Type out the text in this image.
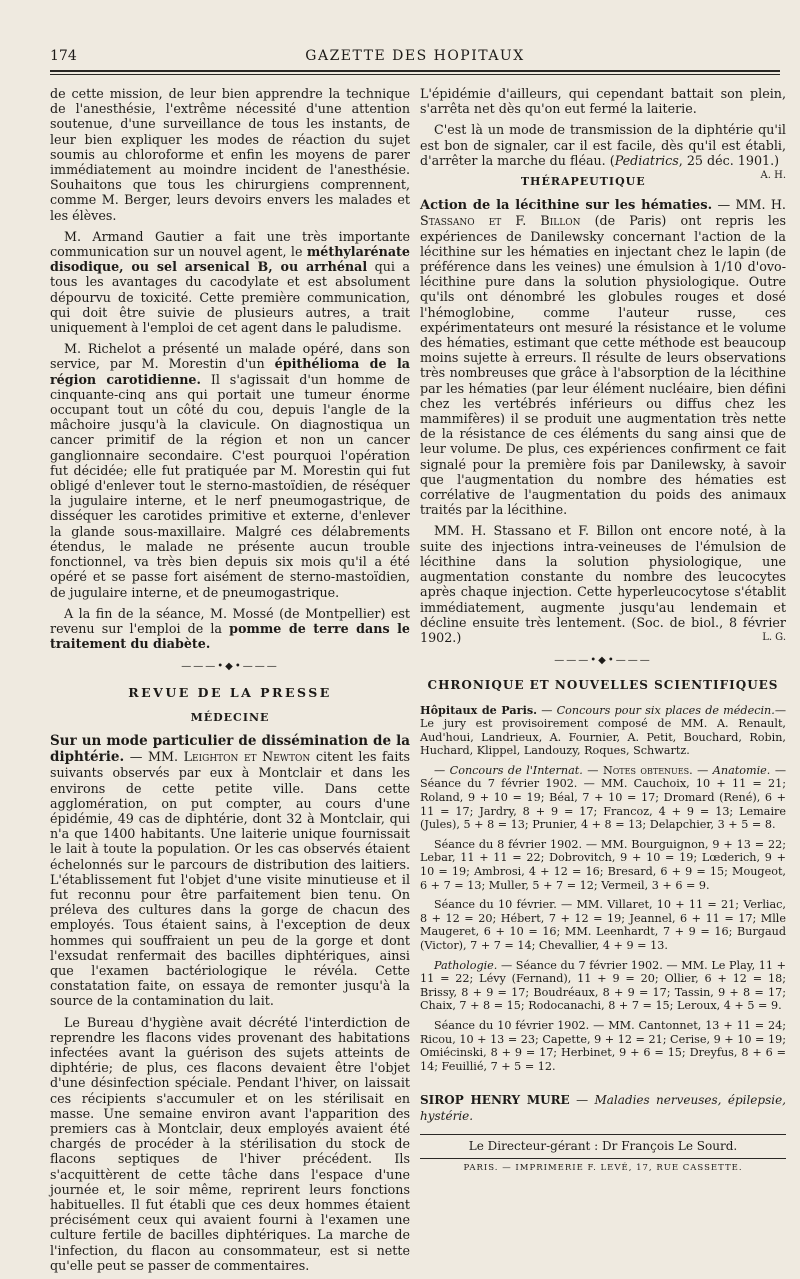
174	GAZETTE DES HOPITAUX

de cette mission, de leur bien apprendre la technique de l'anesthésie, l'extrême nécessité d'une attention soutenue, d'une surveillance de tous les instants, de leur bien expliquer les modes de réaction du sujet soumis au chloroforme et enfin les moyens de parer immédiatement au moindre incident de l'anesthésie. Souhaitons que tous les chirurgiens comprennent, comme M. Berger, leurs devoirs envers les malades et les élèves.

M. Armand Gautier a fait une très importante communication sur un nouvel agent, le méthylarénate disodique, ou sel arsenical B, ou arrhénal qui a tous les avantages du cacodylate et est absolument dépourvu de toxicité. Cette première communication, qui doit être suivie de plusieurs autres, a trait uniquement à l'emploi de cet agent dans le paludisme.

M. Richelot a présenté un malade opéré, dans son service, par M. Morestin d'un épithélioma de la région carotidienne. Il s'agissait d'un homme de cinquante-cinq ans qui portait une tumeur énorme occupant tout un côté du cou, depuis l'angle de la mâchoire jusqu'à la clavicule. On diagnostiqua un cancer primitif de la région et non un cancer ganglionnaire secondaire. C'est pourquoi l'opération fut décidée; elle fut pratiquée par M. Morestin qui fut obligé d'enlever tout le sterno-mastoïdien, de réséquer la jugulaire interne, et le nerf pneumogastrique, de disséquer les carotides primitive et externe, d'enlever la glande sous-maxillaire. Malgré ces délabrements étendus, le malade ne présente aucun trouble fonctionnel, va très bien depuis six mois qu'il a été opéré et se passe fort aisément de sterno-mastoïdien, de jugulaire interne, et de pneumogastrique.

A la fin de la séance, M. Mossé (de Montpellier) est revenu sur l'emploi de la pomme de terre dans le traitement du diabète.

———•◆•———
REVUE DE LA PRESSE
MÉDECINE

Sur un mode particulier de dissémination de la diphtérie. — MM. Leighton et Newton citent les faits suivants observés par eux à Montclair et dans les environs de cette petite ville. Dans cette agglomération, on put compter, au cours d'une épidémie, 49 cas de diphtérie, dont 32 à Montclair, qui n'a que 1400 habitants. Une laiterie unique fournissait le lait à toute la population. Or les cas observés étaient échelonnés sur le parcours de distribution des laitiers. L'établissement fut l'objet d'une visite minutieuse et il fut reconnu pour être parfaitement bien tenu. On préleva des cultures dans la gorge de chacun des employés. Tous étaient sains, à l'exception de deux hommes qui souffraient un peu de la gorge et dont l'exsudat renfermait des bacilles diphtériques, ainsi que l'examen bactériologique le révéla. Cette constatation faite, on essaya de remonter jusqu'à la source de la contamination du lait.

Le Bureau d'hygiène avait décrété l'interdiction de reprendre les flacons vides provenant des habitations infectées avant la guérison des sujets atteints de diphtérie; de plus, ces flacons devaient être l'objet d'une désinfection spéciale. Pendant l'hiver, on laissait ces récipients s'accumuler et on les stérilisait en masse. Une semaine environ avant l'apparition des premiers cas à Montclair, deux employés avaient été chargés de procéder à la stérilisation du stock de flacons septiques de l'hiver précédent. Ils s'acquittèrent de cette tâche dans l'espace d'une journée et, le soir même, reprirent leurs fonctions habituelles. Il fut établi que ces deux hommes étaient précisément ceux qui avaient fourni à l'examen une culture fertile de bacilles diphtériques. La marche de l'infection, du flacon au consommateur, est si nette qu'elle peut se passer de commentaires.

L'épidémie d'ailleurs, qui cependant battait son plein, s'arrêta net dès qu'on eut fermé la laiterie.

C'est là un mode de transmission de la diphtérie qu'il est bon de signaler, car il est facile, dès qu'il est établi, d'arrêter la marche du fléau. (Pediatrics, 25 déc. 1901.)
A. H.

THÉRAPEUTIQUE

Action de la lécithine sur les hématies. — MM. H. Stassano et F. Billon (de Paris) ont repris les expériences de Danilewsky concernant l'action de la lécithine sur les hématies en injectant chez le lapin (de préférence dans les veines) une émulsion à 1/10 d'ovo-lécithine pure dans la solution physiologique. Outre qu'ils ont dénombré les globules rouges et dosé l'hémoglobine, comme l'auteur russe, ces expérimentateurs ont mesuré la résistance et le volume des hématies, estimant que cette méthode est beaucoup moins sujette à erreurs. Il résulte de leurs observations très nombreuses que grâce à l'absorption de la lécithine par les hématies (par leur élément nucléaire, bien défini chez les vertébrés inférieurs ou diffus chez les mammifères) il se produit une augmentation très nette de la résistance de ces éléments du sang ainsi que de leur volume. De plus, ces expériences confirment ce fait signalé pour la première fois par Danilewsky, à savoir que l'augmentation du nombre des hématies est corrélative de l'augmentation du poids des animaux traités par la lécithine.

MM. H. Stassano et F. Billon ont encore noté, à la suite des injections intra-veineuses de l'émulsion de lécithine dans la solution physiologique, une augmentation constante du nombre des leucocytes après chaque injection. Cette hyperleucocytose s'établit immédiatement, augmente jusqu'au lendemain et décline ensuite très lentement. (Soc. de biol., 8 février 1902.)	L. G.

———•◆•———
CHRONIQUE ET NOUVELLES SCIENTIFIQUES

Hôpitaux de Paris. — Concours pour six places de médecin.— Le jury est provisoirement composé de MM. A. Renault, Aud'houi, Landrieux, A. Fournier, A. Petit, Bouchard, Robin, Huchard, Klippel, Landouzy, Roques, Schwartz.

— Concours de l'Internat. — Notes obtenues. — Anatomie. — Séance du 7 février 1902. — MM. Cauchoix, 10 + 11 = 21; Roland, 9 + 10 = 19; Béal, 7 + 10 = 17; Dromard (René), 6 + 11 = 17; Jardry, 8 + 9 = 17; Francoz, 4 + 9 = 13; Lemaire (Jules), 5 + 8 = 13; Prunier, 4 + 8 = 13; Delapchier, 3 + 5 = 8.

Séance du 8 février 1902. — MM. Bourguignon, 9 + 13 = 22; Lebar, 11 + 11 = 22; Dobrovitch, 9 + 10 = 19; Lœderich, 9 + 10 = 19; Ambrosi, 4 + 12 = 16; Bresard, 6 + 9 = 15; Mougeot, 6 + 7 = 13; Muller, 5 + 7 = 12; Vermeil, 3 + 6 = 9.

Séance du 10 février. — MM. Villaret, 10 + 11 = 21; Verliac, 8 + 12 = 20; Hébert, 7 + 12 = 19; Jeannel, 6 + 11 = 17; Mlle Maugeret, 6 + 10 = 16; MM. Leenhardt, 7 + 9 = 16; Burgaud (Victor), 7 + 7 = 14; Chevallier, 4 + 9 = 13.

Pathologie. — Séance du 7 février 1902. — MM. Le Play, 11 + 11 = 22; Lévy (Fernand), 11 + 9 = 20; Ollier, 6 + 12 = 18; Brissy, 8 + 9 = 17; Boudréaux, 8 + 9 = 17; Tassin, 9 + 8 = 17; Chaix, 7 + 8 = 15; Rodocanachi, 8 + 7 = 15; Leroux, 4 + 5 = 9.

Séance du 10 février 1902. — MM. Cantonnet, 13 + 11 = 24; Ricou, 10 + 13 = 23; Capette, 9 + 12 = 21; Cerise, 9 + 10 = 19; Omiécinski, 8 + 9 = 17; Herbinet, 9 + 6 = 15; Dreyfus, 8 + 6 = 14; Feuillié, 7 + 5 = 12.

SIROP HENRY MURE — Maladies nerveuses, épilepsie, hystérie.

Le Directeur-gérant : Dr François Le Sourd.
PARIS. — IMPRIMERIE F. LEVÉ, 17, RUE CASSETTE.
